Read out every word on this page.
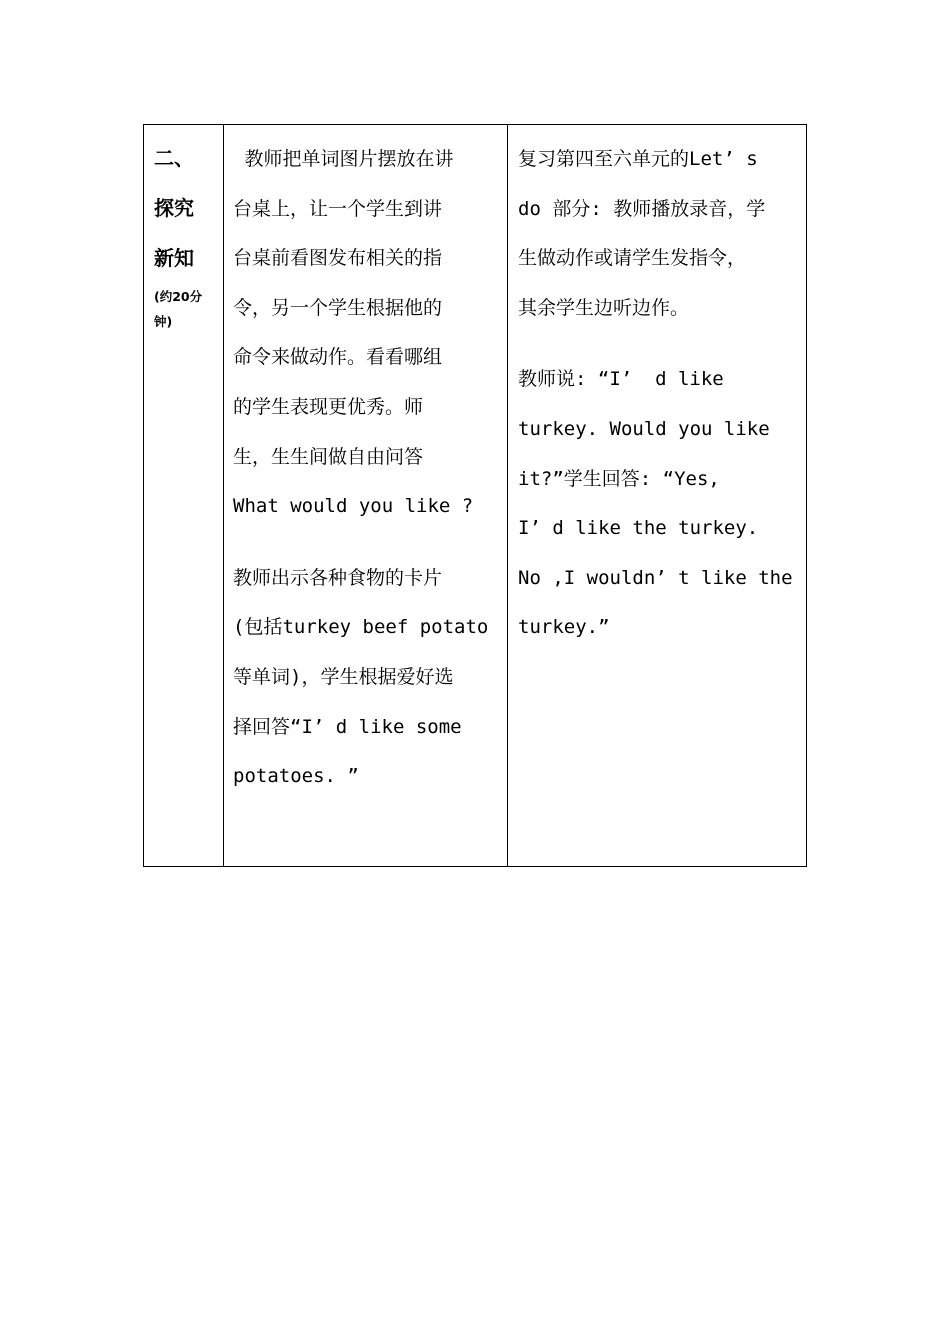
二、
探究
新知
(约20分
钟)

教师把单词图片摆放在讲

台桌上，让一个学生到讲

台桌前看图发布相关的指

令，另一个学生根据他的

命令来做动作。看看哪组

的学生表现更优秀。师

生，生生间做自由问答

What would you like ?

教师出示各种食物的卡片

(包括turkey beef potato

等单词)，学生根据爱好选

择回答“I’ d like some

potatoes. ”

复习第四至六单元的Let’ s

do 部分: 教师播放录音，学

生做动作或请学生发指令，

其余学生边听边作。

教师说: “I’  d like

turkey. Would you like

it?”学生回答: “Yes,

I’ d like the turkey.

No ,I wouldn’ t like the

turkey.”
